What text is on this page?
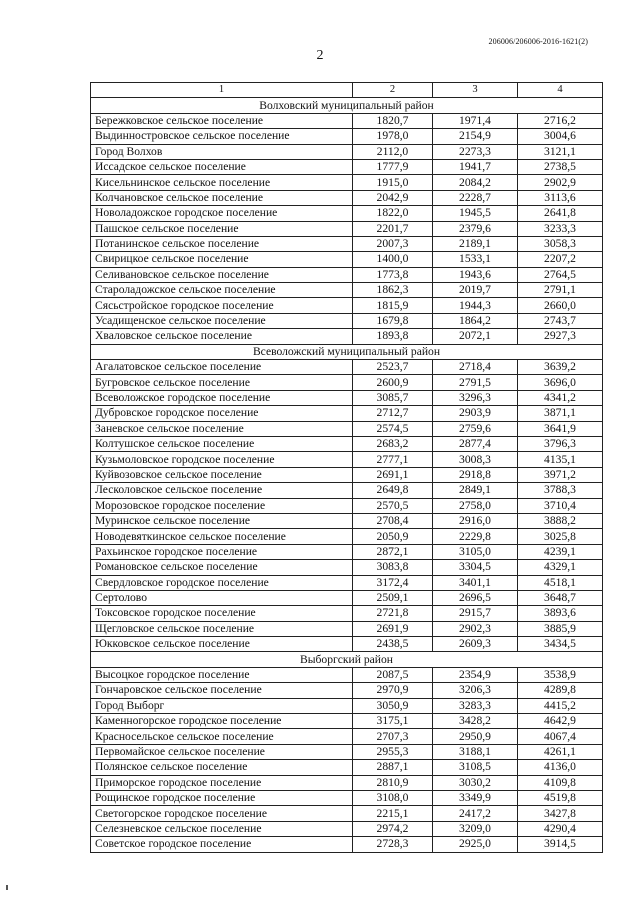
206006/206006-2016-1621(2)
2
1	2	3	4
Волховский муниципальный район			
Бережковское сельское поселение	1820,7	1971,4	2716,2
Выдинностровское сельское поселение	1978,0	2154,9	3004,6
Город Волхов	2112,0	2273,3	3121,1
Иссадское сельское поселение	1777,9	1941,7	2738,5
Кисельнинское сельское поселение	1915,0	2084,2	2902,9
Колчановское сельское поселение	2042,9	2228,7	3113,6
Новоладожское городское поселение	1822,0	1945,5	2641,8
Пашское сельское поселение	2201,7	2379,6	3233,3
Потанинское сельское поселение	2007,3	2189,1	3058,3
Свирицкое сельское поселение	1400,0	1533,1	2207,2
Селивановское сельское поселение	1773,8	1943,6	2764,5
Староладожское сельское поселение	1862,3	2019,7	2791,1
Сясьстройское городское поселение	1815,9	1944,3	2660,0
Усадищенское сельское поселение	1679,8	1864,2	2743,7
Хваловское сельское поселение	1893,8	2072,1	2927,3
Всеволожский муниципальный район			
Агалатовское сельское поселение	2523,7	2718,4	3639,2
Бугровское сельское поселение	2600,9	2791,5	3696,0
Всеволожское городское поселение	3085,7	3296,3	4341,2
Дубровское городское поселение	2712,7	2903,9	3871,1
Заневское сельское поселение	2574,5	2759,6	3641,9
Колтушское сельское поселение	2683,2	2877,4	3796,3
Кузьмоловское городское поселение	2777,1	3008,3	4135,1
Куйвозовское сельское поселение	2691,1	2918,8	3971,2
Лесколовское сельское поселение	2649,8	2849,1	3788,3
Морозовское городское поселение	2570,5	2758,0	3710,4
Муринское сельское поселение	2708,4	2916,0	3888,2
Новодевяткинское сельское поселение	2050,9	2229,8	3025,8
Рахьинское городское поселение	2872,1	3105,0	4239,1
Романовское сельское поселение	3083,8	3304,5	4329,1
Свердловское городское поселение	3172,4	3401,1	4518,1
Сертолово	2509,1	2696,5	3648,7
Токсовское городское поселение	2721,8	2915,7	3893,6
Щегловское сельское поселение	2691,9	2902,3	3885,9
Юкковское сельское поселение	2438,5	2609,3	3434,5
Выборгский район			
Высоцкое городское поселение	2087,5	2354,9	3538,9
Гончаровское сельское поселение	2970,9	3206,3	4289,8
Город Выборг	3050,9	3283,3	4415,2
Каменногорское городское поселение	3175,1	3428,2	4642,9
Красносельское сельское поселение	2707,3	2950,9	4067,4
Первомайское сельское поселение	2955,3	3188,1	4261,1
Полянское сельское поселение	2887,1	3108,5	4136,0
Приморское городское поселение	2810,9	3030,2	4109,8
Рощинское городское поселение	3108,0	3349,9	4519,8
Светогорское городское поселение	2215,1	2417,2	3427,8
Селезневское сельское поселение	2974,2	3209,0	4290,4
Советское городское поселение	2728,3	2925,0	3914,5
